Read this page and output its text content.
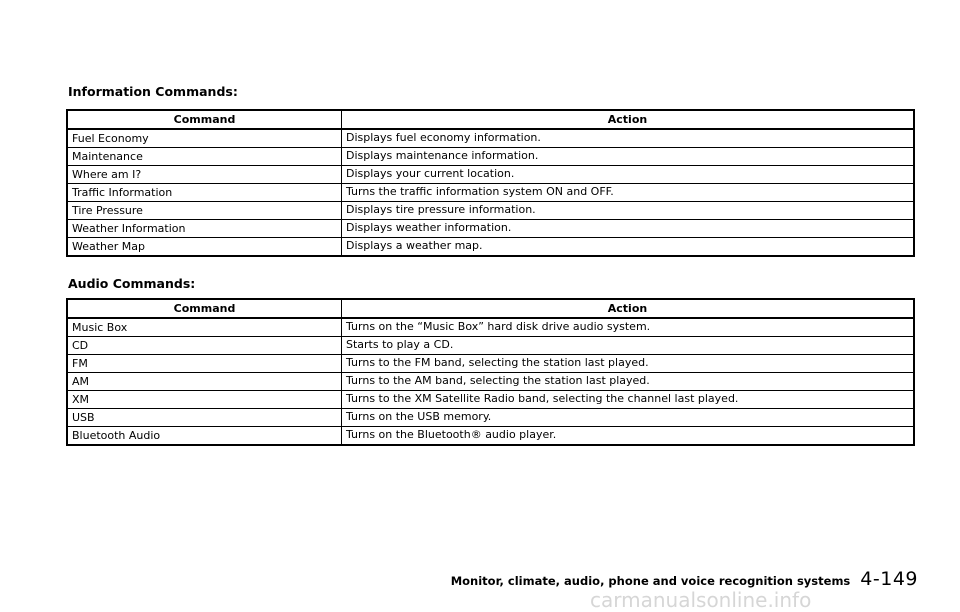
Information Commands:
Command	Action
Fuel Economy	Displays fuel economy information.
Maintenance	Displays maintenance information.
Where am I?	Displays your current location.
Traffic Information	Turns the traffic information system ON and OFF.
Tire Pressure	Displays tire pressure information.
Weather Information	Displays weather information.
Weather Map	Displays a weather map.
Audio Commands:
Command	Action
Music Box	Turns on the “Music Box” hard disk drive audio system.
CD	Starts to play a CD.
FM	Turns to the FM band, selecting the station last played.
AM	Turns to the AM band, selecting the station last played.
XM	Turns to the XM Satellite Radio band, selecting the channel last played.
USB	Turns on the USB memory.
Bluetooth Audio	Turns on the Bluetooth® audio player.
Monitor, climate, audio, phone and voice recognition systems 4-149
carmanualsonline.info
